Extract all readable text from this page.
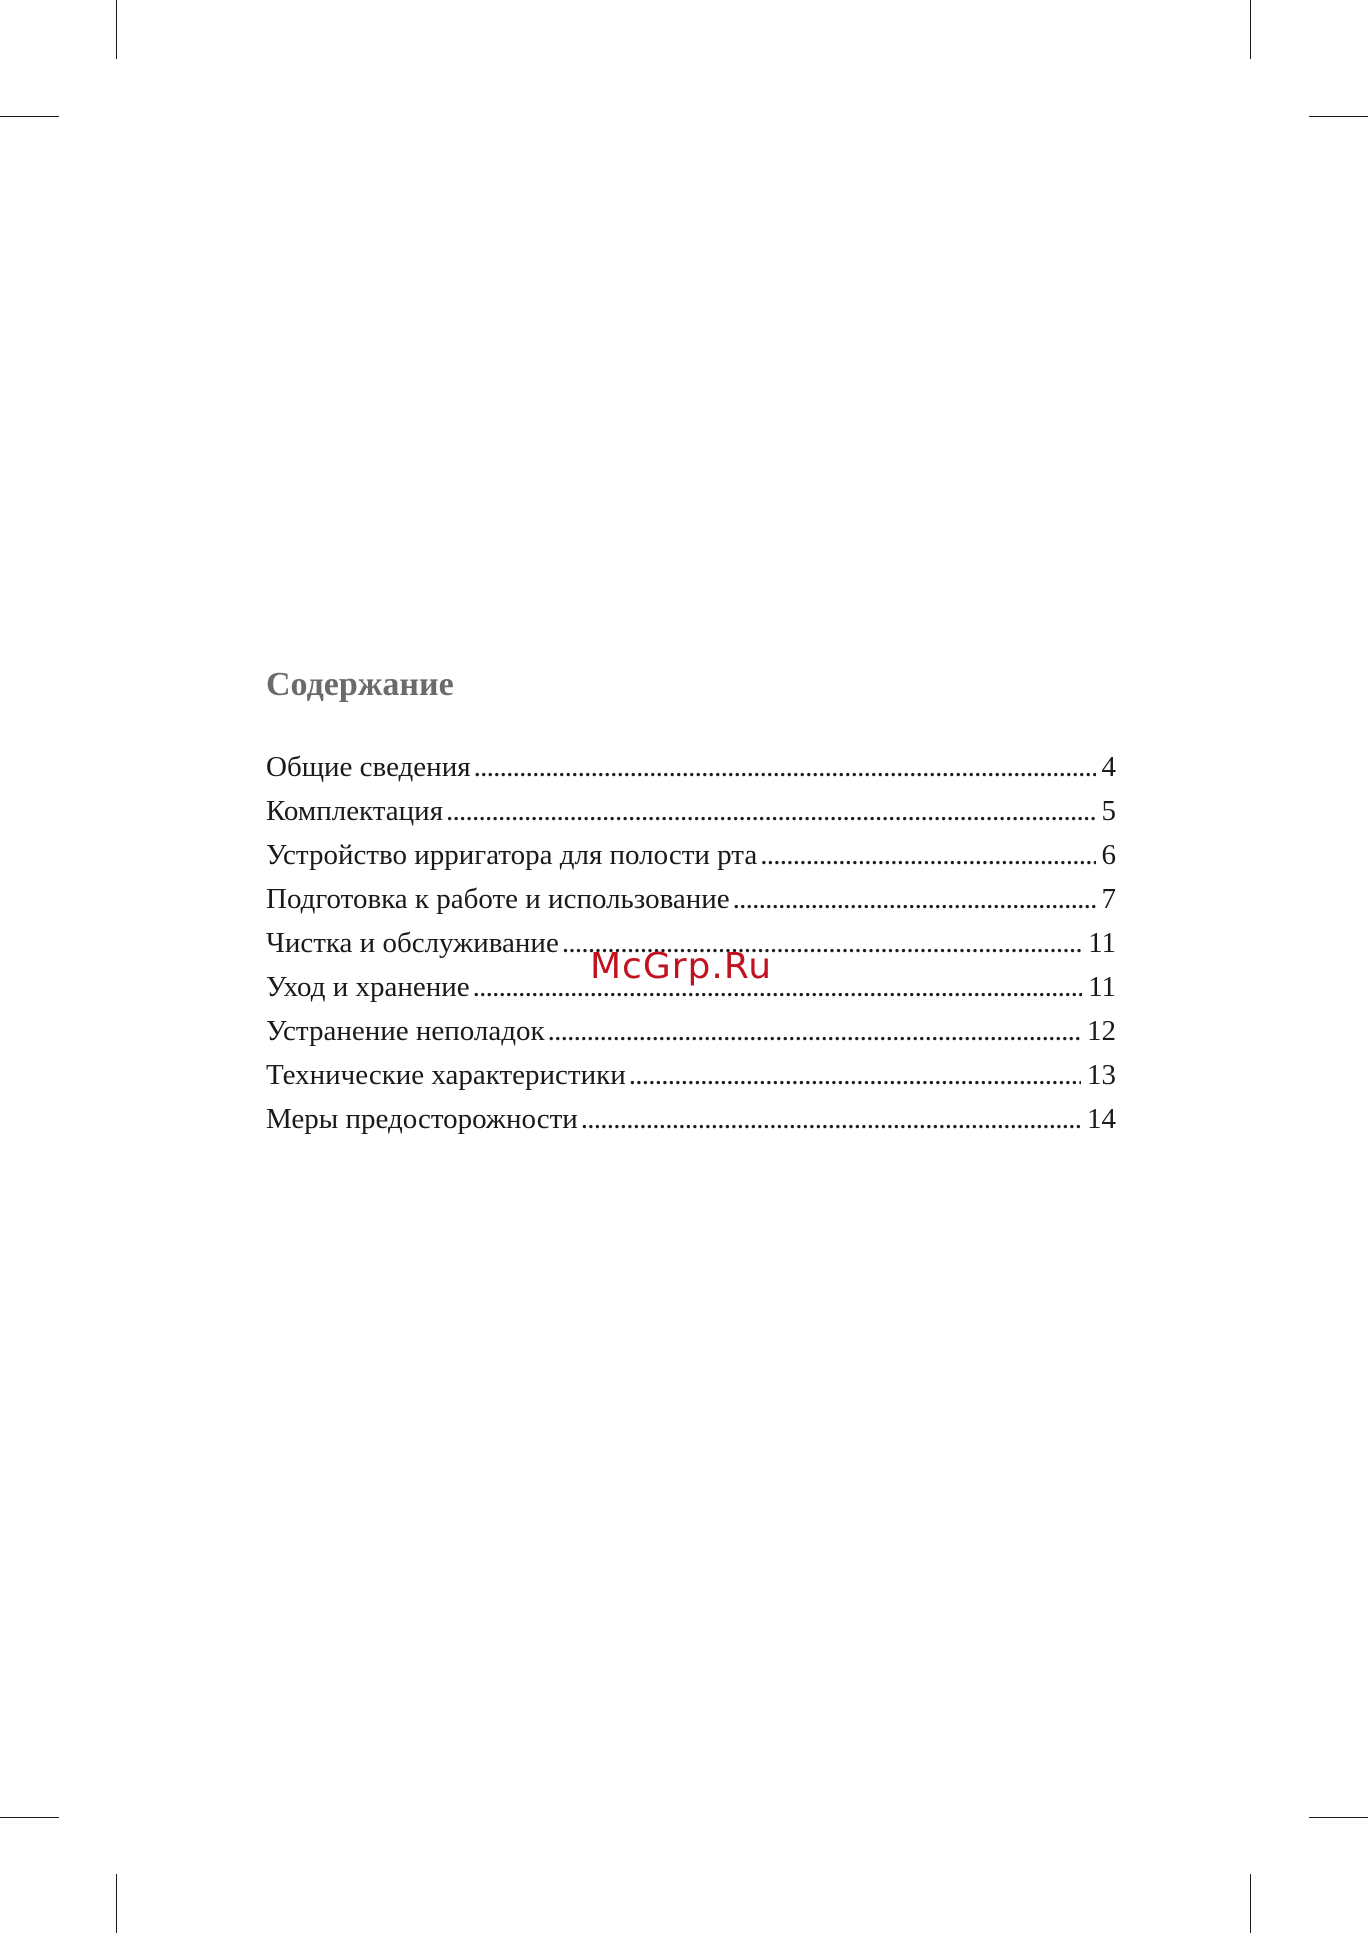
Содержание
Общие сведения . . .	4
Комплектация . . .	5
Устройство ирригатора для полости рта . . .	6
Подготовка к работе и использование . . .	7
Чистка и обслуживание . . .	11
Уход и хранение . . .	11
Устранение неполадок . . .	12
Технические характеристики . . .	13
Меры предосторожности . . .	14
McGrp.Ru
